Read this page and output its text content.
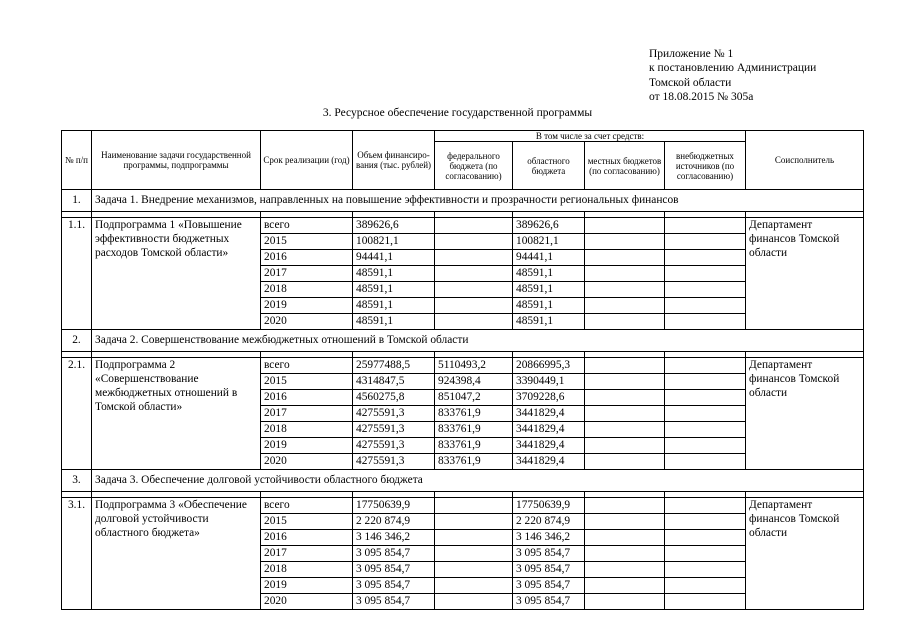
Приложение № 1
к постановлению Администрации
Томской области
от 18.08.2015 № 305а
3. Ресурсное обеспечение государственной программы
№ п/п	Наименование задачи государственной программы, подпрограммы	Срок реализации (год)	Объем финансиро-вания (тыс. рублей)	В том числе за счет средств:				Соисполнитель
				федерального бюджета (по согласованию)	областного бюджета	местных бюджетов (по согласованию)	внебюджетных источников (по согласованию)	
1.	Задача 1. Внедрение механизмов, направленных на повышение эффективности и прозрачности региональных финансов							

1.1.	Подпрограмма 1 «Повышение эффективности бюджетных расходов Томской области»	всего	389626,6		389626,6			Департамент финансов Томской области
		2015	100821,1		100821,1			
		2016	94441,1		94441,1			
		2017	48591,1		48591,1			
		2018	48591,1		48591,1			
		2019	48591,1		48591,1			
		2020	48591,1		48591,1			
2.	Задача 2. Совершенствование межбюджетных отношений в Томской области							

2.1.	Подпрограмма 2 «Совершенствование межбюджетных отношений в Томской области»	всего	25977488,5	5110493,2	20866995,3			Департамент финансов Томской области
		2015	4314847,5	924398,4	3390449,1			
		2016	4560275,8	851047,2	3709228,6			
		2017	4275591,3	833761,9	3441829,4			
		2018	4275591,3	833761,9	3441829,4			
		2019	4275591,3	833761,9	3441829,4			
		2020	4275591,3	833761,9	3441829,4			
3.	Задача 3. Обеспечение долговой устойчивости областного бюджета							

3.1.	Подпрограмма 3 «Обеспечение долговой устойчивости областного бюджета»	всего	17750639,9		17750639,9			Департамент финансов Томской области
		2015	2 220 874,9		2 220 874,9			
		2016	3 146 346,2		3 146 346,2			
		2017	3 095 854,7		3 095 854,7			
		2018	3 095 854,7		3 095 854,7			
		2019	3 095 854,7		3 095 854,7			
		2020	3 095 854,7		3 095 854,7			
